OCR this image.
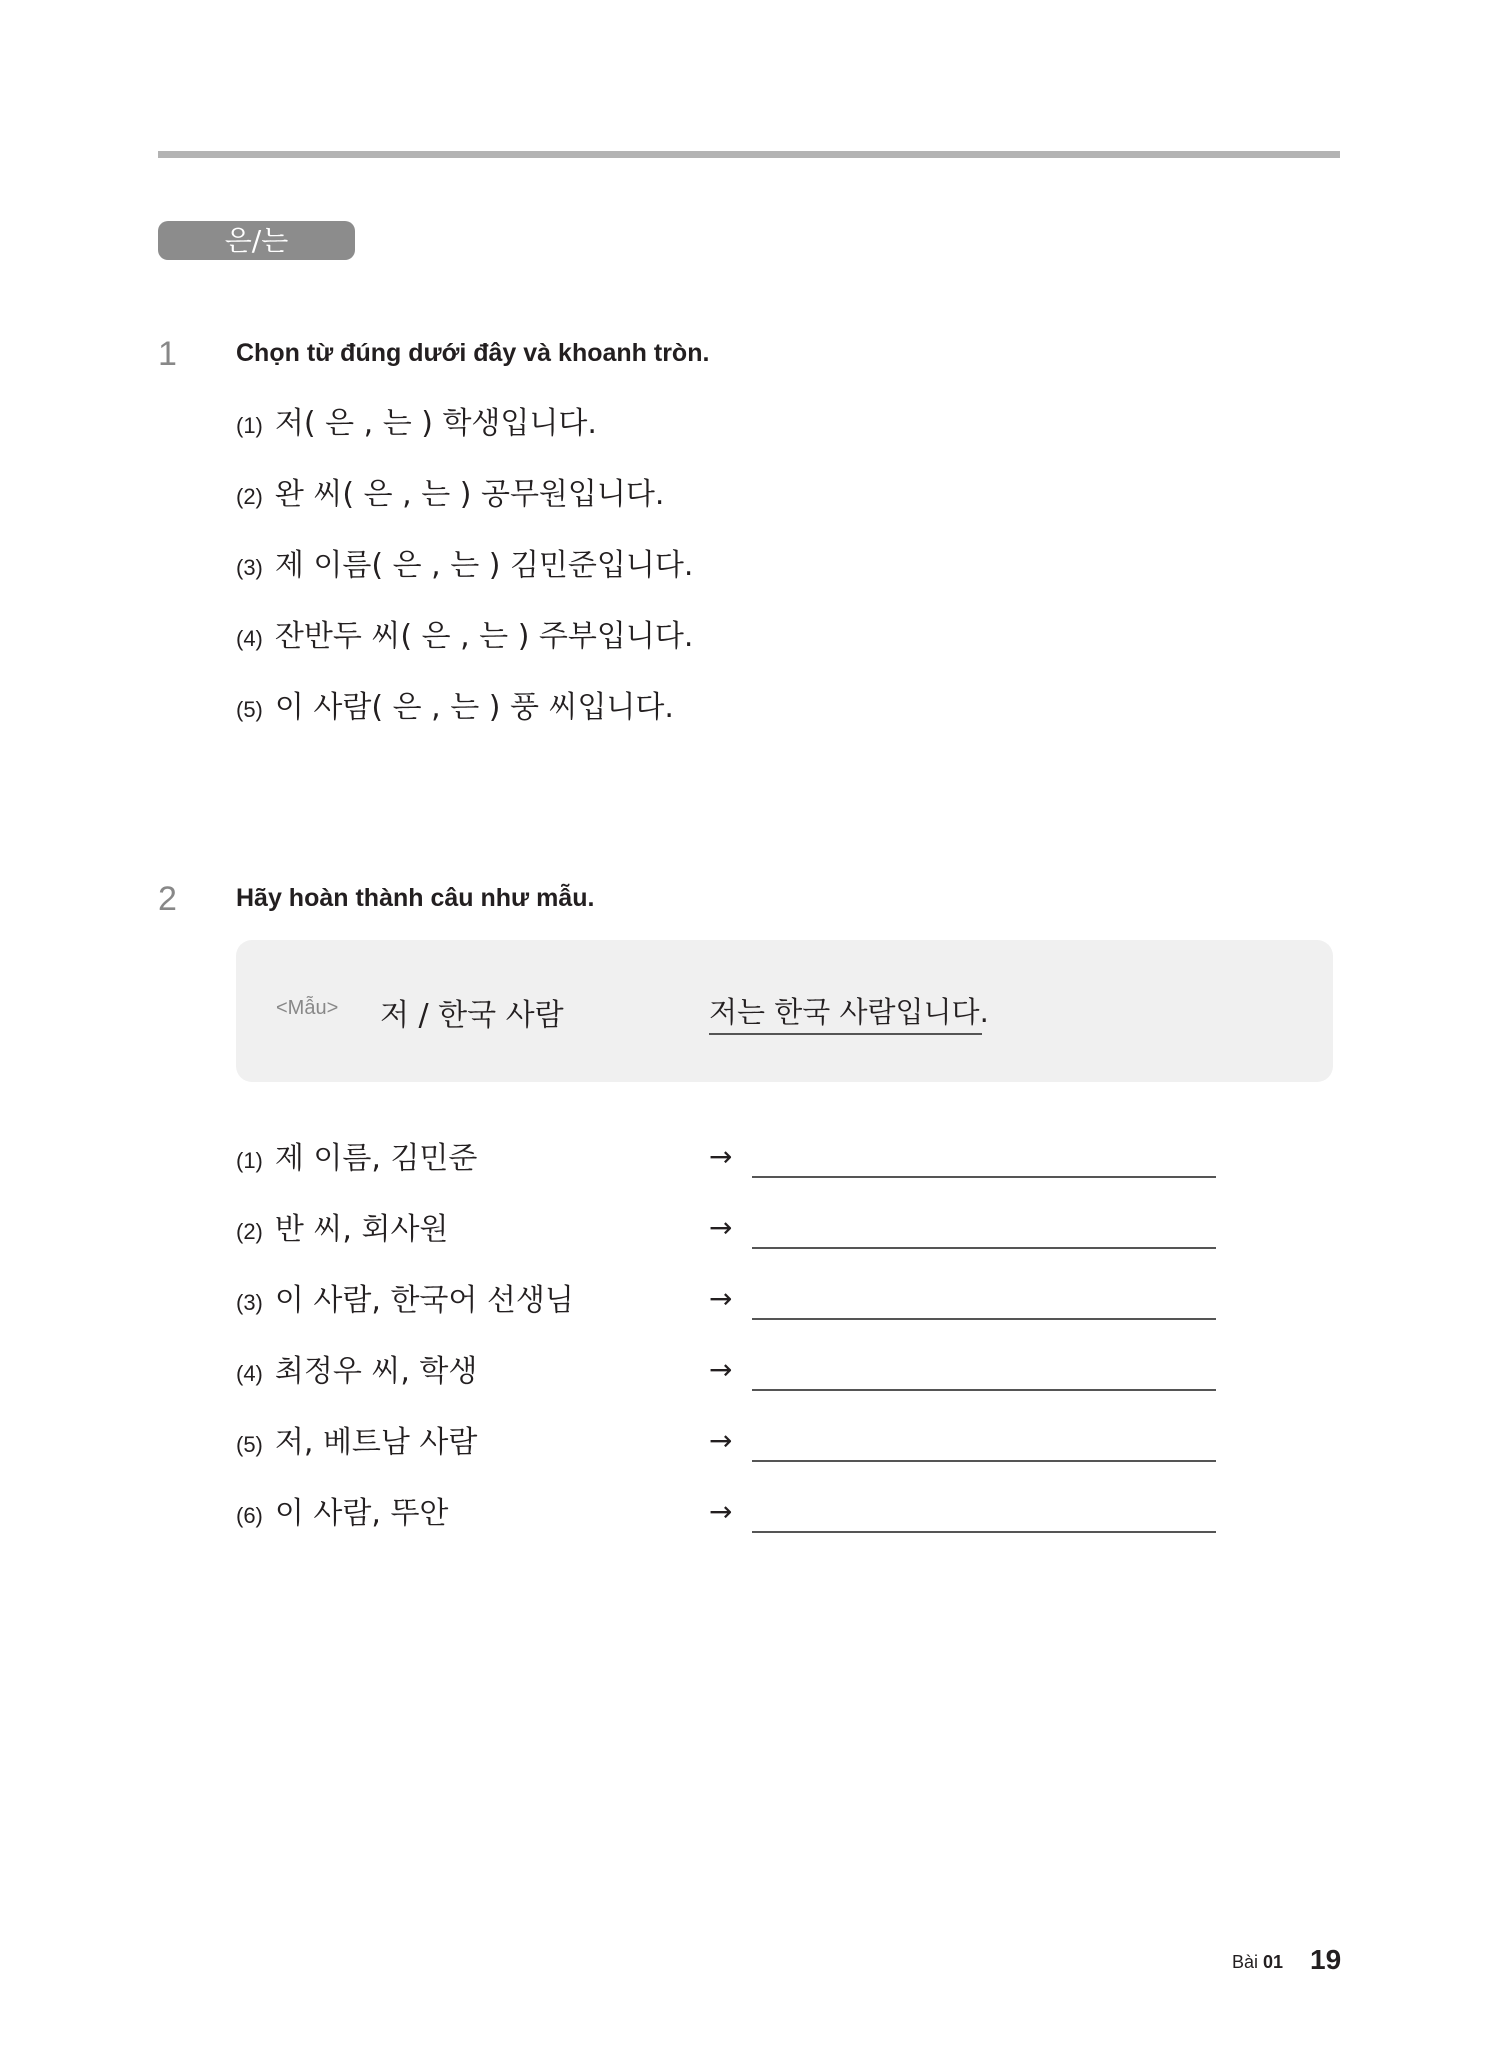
은/는
1 Chọn từ đúng dưới đây và khoanh tròn.
(1) 저( 은 , 는 ) 학생입니다.
(2) 완 씨( 은 , 는 ) 공무원입니다.
(3) 제 이름( 은 , 는 ) 김민준입니다.
(4) 잔반두 씨( 은 , 는 ) 주부입니다.
(5) 이 사람( 은 , 는 ) 풍 씨입니다.
2 Hãy hoàn thành câu như mẫu.
<Mẫu> 저 / 한국 사람	저는 한국 사람입니다.
(1) 제 이름, 김민준	→
(2) 반 씨, 회사원	→
(3) 이 사람, 한국어 선생님	→
(4) 최정우 씨, 학생	→
(5) 저, 베트남 사람	→
(6) 이 사람, 뚜안	→
Bài 01 19
